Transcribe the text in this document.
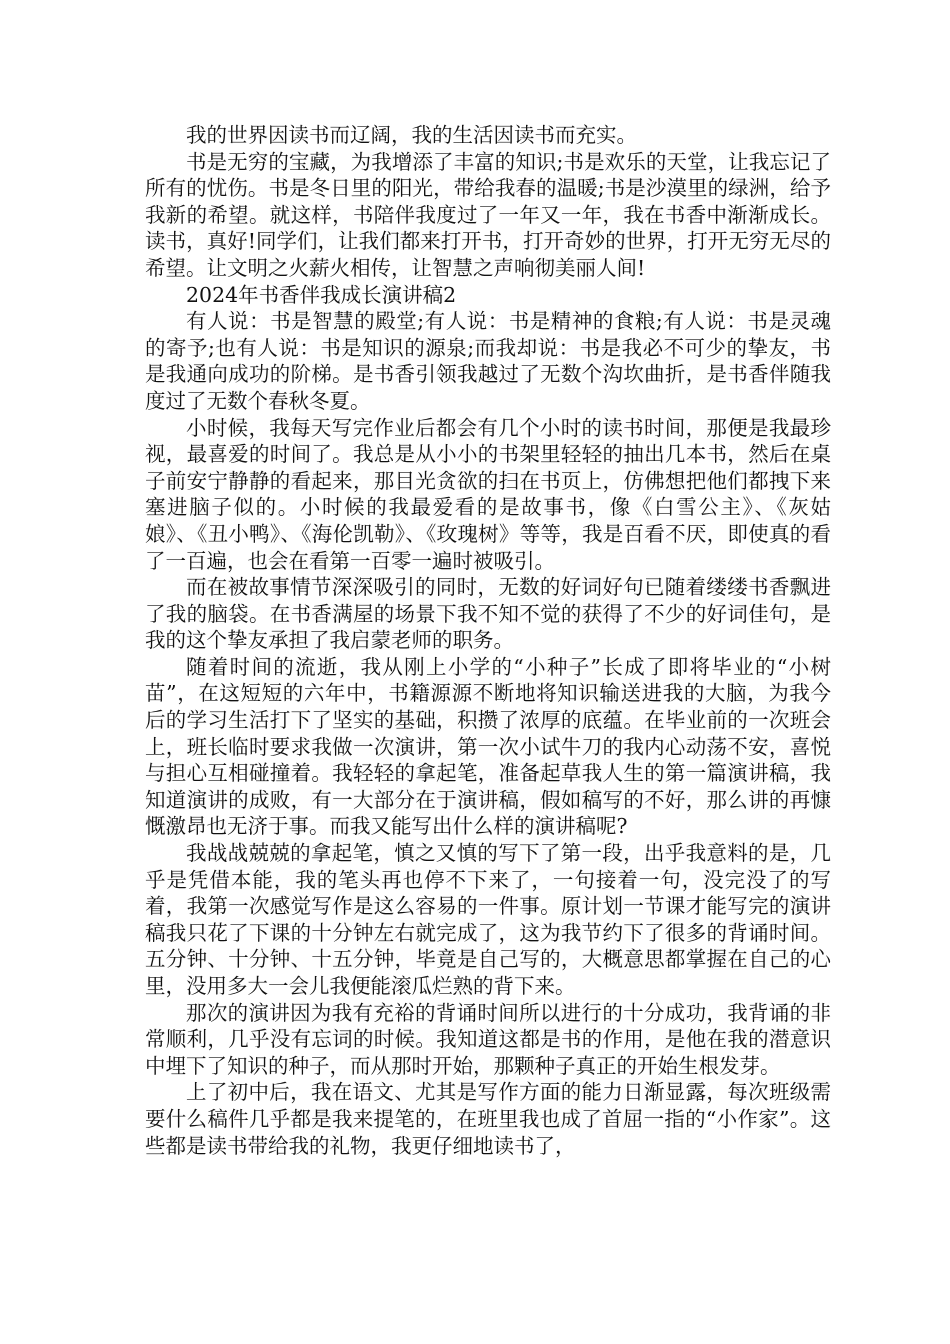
我的世界因读书而辽阔，我的生活因读书而充实。

书是无穷的宝藏，为我增添了丰富的知识;书是欢乐的天堂，让我忘记了所有的忧伤。书是冬日里的阳光，带给我春的温暖;书是沙漠里的绿洲，给予我新的希望。就这样，书陪伴我度过了一年又一年，我在书香中渐渐成长。读书，真好!同学们，让我们都来打开书，打开奇妙的世界，打开无穷无尽的希望。让文明之火薪火相传，让智慧之声响彻美丽人间!

2024年书香伴我成长演讲稿2

有人说：书是智慧的殿堂;有人说：书是精神的食粮;有人说：书是灵魂的寄予;也有人说：书是知识的源泉;而我却说：书是我必不可少的挚友，书是我通向成功的阶梯。是书香引领我越过了无数个沟坎曲折，是书香伴随我度过了无数个春秋冬夏。

小时候，我每天写完作业后都会有几个小时的读书时间，那便是我最珍视，最喜爱的时间了。我总是从小小的书架里轻轻的抽出几本书，然后在桌子前安宁静静的看起来，那目光贪欲的扫在书页上，仿佛想把他们都拽下来塞进脑子似的。小时候的我最爱看的是故事书，像《白雪公主》、《灰姑娘》、《丑小鸭》、《海伦凯勒》、《玫瑰树》等等，我是百看不厌，即使真的看了一百遍，也会在看第一百零一遍时被吸引。

而在被故事情节深深吸引的同时，无数的好词好句已随着缕缕书香飘进了我的脑袋。在书香满屋的场景下我不知不觉的获得了不少的好词佳句，是我的这个挚友承担了我启蒙老师的职务。

随着时间的流逝，我从刚上小学的“小种子”长成了即将毕业的“小树苗”，在这短短的六年中，书籍源源不断地将知识输送进我的大脑，为我今后的学习生活打下了坚实的基础，积攒了浓厚的底蕴。在毕业前的一次班会上，班长临时要求我做一次演讲，第一次小试牛刀的我内心动荡不安，喜悦与担心互相碰撞着。我轻轻的拿起笔，准备起草我人生的第一篇演讲稿，我知道演讲的成败，有一大部分在于演讲稿，假如稿写的不好，那么讲的再慷慨激昂也无济于事。而我又能写出什么样的演讲稿呢?

我战战兢兢的拿起笔，慎之又慎的写下了第一段，出乎我意料的是，几乎是凭借本能，我的笔头再也停不下来了，一句接着一句，没完没了的写着，我第一次感觉写作是这么容易的一件事。原计划一节课才能写完的演讲稿我只花了下课的十分钟左右就完成了，这为我节约下了很多的背诵时间。五分钟、十分钟、十五分钟，毕竟是自己写的，大概意思都掌握在自己的心里，没用多大一会儿我便能滚瓜烂熟的背下来。

那次的演讲因为我有充裕的背诵时间所以进行的十分成功，我背诵的非常顺利，几乎没有忘词的时候。我知道这都是书的作用，是他在我的潜意识中埋下了知识的种子，而从那时开始，那颗种子真正的开始生根发芽。

上了初中后，我在语文、尤其是写作方面的能力日渐显露，每次班级需要什么稿件几乎都是我来提笔的，在班里我也成了首屈一指的“小作家”。这些都是读书带给我的礼物，我更仔细地读书了，
